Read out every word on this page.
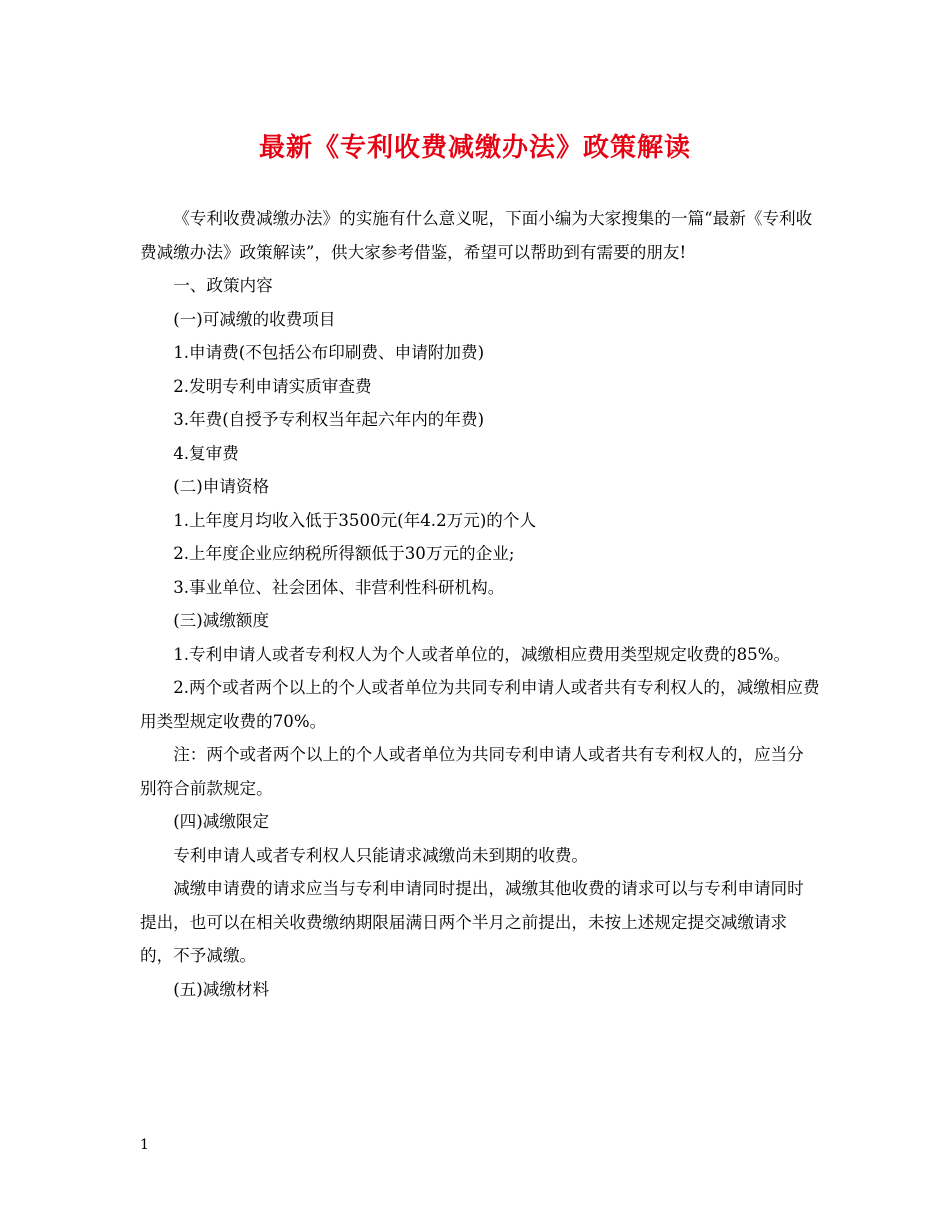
最新《专利收费减缴办法》政策解读

《专利收费减缴办法》的实施有什么意义呢，下面小编为大家搜集的一篇“最新《专利收费减缴办法》政策解读”，供大家参考借鉴，希望可以帮助到有需要的朋友!

一、政策内容

(一)可减缴的收费项目

1.申请费(不包括公布印刷费、申请附加费)

2.发明专利申请实质审查费

3.年费(自授予专利权当年起六年内的年费)

4.复审费

(二)申请资格

1.上年度月均收入低于3500元(年4.2万元)的个人

2.上年度企业应纳税所得额低于30万元的企业;

3.事业单位、社会团体、非营利性科研机构。

(三)减缴额度

1.专利申请人或者专利权人为个人或者单位的，减缴相应费用类型规定收费的85%。

2.两个或者两个以上的个人或者单位为共同专利申请人或者共有专利权人的，减缴相应费用类型规定收费的70%。

注：两个或者两个以上的个人或者单位为共同专利申请人或者共有专利权人的，应当分别符合前款规定。

(四)减缴限定

专利申请人或者专利权人只能请求减缴尚未到期的收费。

减缴申请费的请求应当与专利申请同时提出，减缴其他收费的请求可以与专利申请同时提出，也可以在相关收费缴纳期限届满日两个半月之前提出，未按上述规定提交减缴请求的，不予减缴。

(五)减缴材料

1
